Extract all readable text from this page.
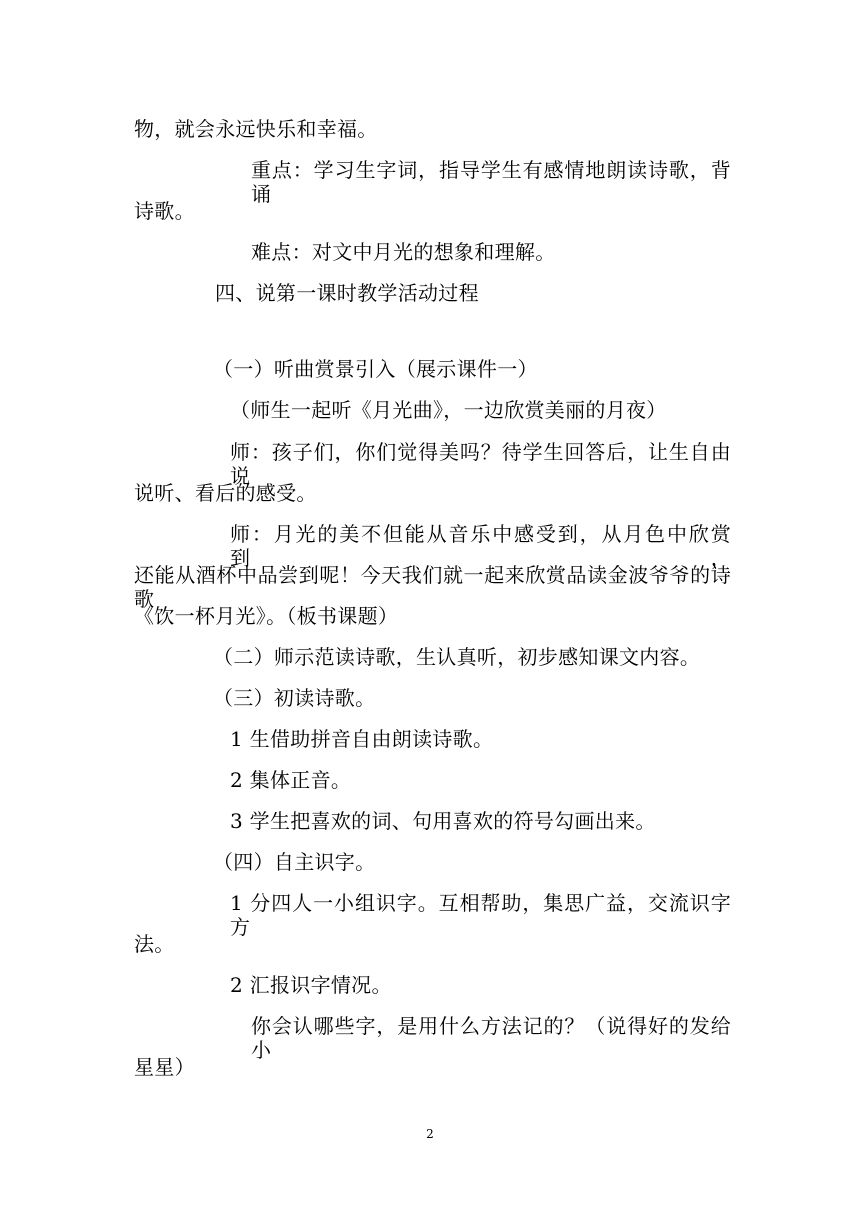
物，就会永远快乐和幸福。
重点：学习生字词，指导学生有感情地朗读诗歌，背诵
诗歌。
难点：对文中月光的想象和理解。
四、说第一课时教学活动过程
（一）听曲赏景引入（展示课件一）
（师生一起听《月光曲》，一边欣赏美丽的月夜）
师：孩子们，你们觉得美吗？待学生回答后，让生自由说
说听、看后的感受。
师：月光的美不但能从音乐中感受到，从月色中欣赏到，
还能从酒杯中品尝到呢！今天我们就一起来欣赏品读金波爷爷的诗歌
《饮一杯月光》。（板书课题）
（二）师示范读诗歌，生认真听，初步感知课文内容。
（三）初读诗歌。
1 生借助拼音自由朗读诗歌。
2 集体正音。
3 学生把喜欢的词、句用喜欢的符号勾画出来。
（四）自主识字。
1 分四人一小组识字。互相帮助，集思广益，交流识字方
法。
2 汇报识字情况。
你会认哪些字，是用什么方法记的？（说得好的发给小
星星）
2
